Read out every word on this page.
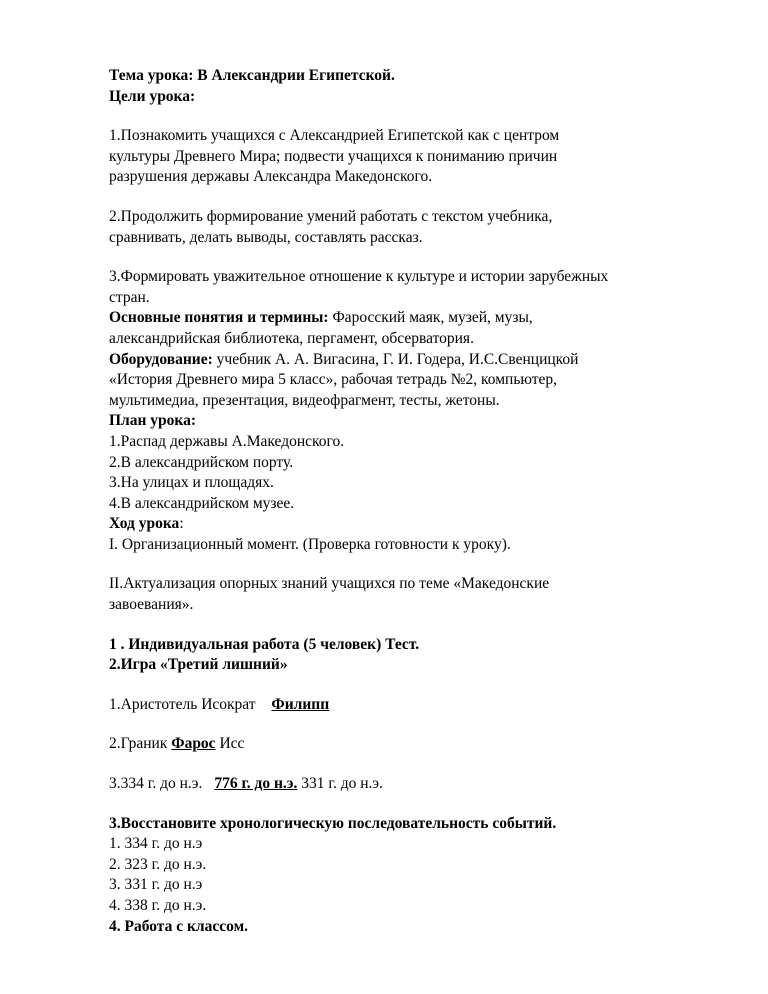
Тема урока: В Александрии Египетской.
Цели урока:
1.Познакомить учащихся с Александрией Египетской как с центром
культуры Древнего Мира; подвести учащихся к пониманию причин
разрушения державы Александра Македонского.
2.Продолжить формирование умений работать с текстом учебника,
сравнивать, делать выводы, составлять рассказ.
3.Формировать уважительное отношение к культуре и истории зарубежных
стран.
Основные понятия и термины: Фаросский маяк, музей, музы,
александрийская библиотека, пергамент, обсерватория.
Оборудование: учебник А. А. Вигасина, Г. И. Годера, И.С.Свенцицкой
«История Древнего мира 5 класс», рабочая тетрадь №2, компьютер,
мультимедиа, презентация, видеофрагмент, тесты, жетоны.
План урока:
1.Распад державы А.Македонского.
2.В александрийском порту.
3.На улицах и площадях.
4.В александрийском музее.
Ход урока:
I. Организационный момент. (Проверка готовности к уроку).
II.Актуализация опорных знаний учащихся по теме «Македонские
завоевания».
1 . Индивидуальная работа (5 человек) Тест.
2.Игра «Третий лишний»
1.Аристотель Исократ Филипп
2.Граник Фарос Исс
3.334 г. до н.э. 776 г. до н.э. 331 г. до н.э.
3.Восстановите хронологическую последовательность событий.
1. 334 г. до н.э
2. 323 г. до н.э.
3. 331 г. до н.э
4. 338 г. до н.э.
4. Работа с классом.
